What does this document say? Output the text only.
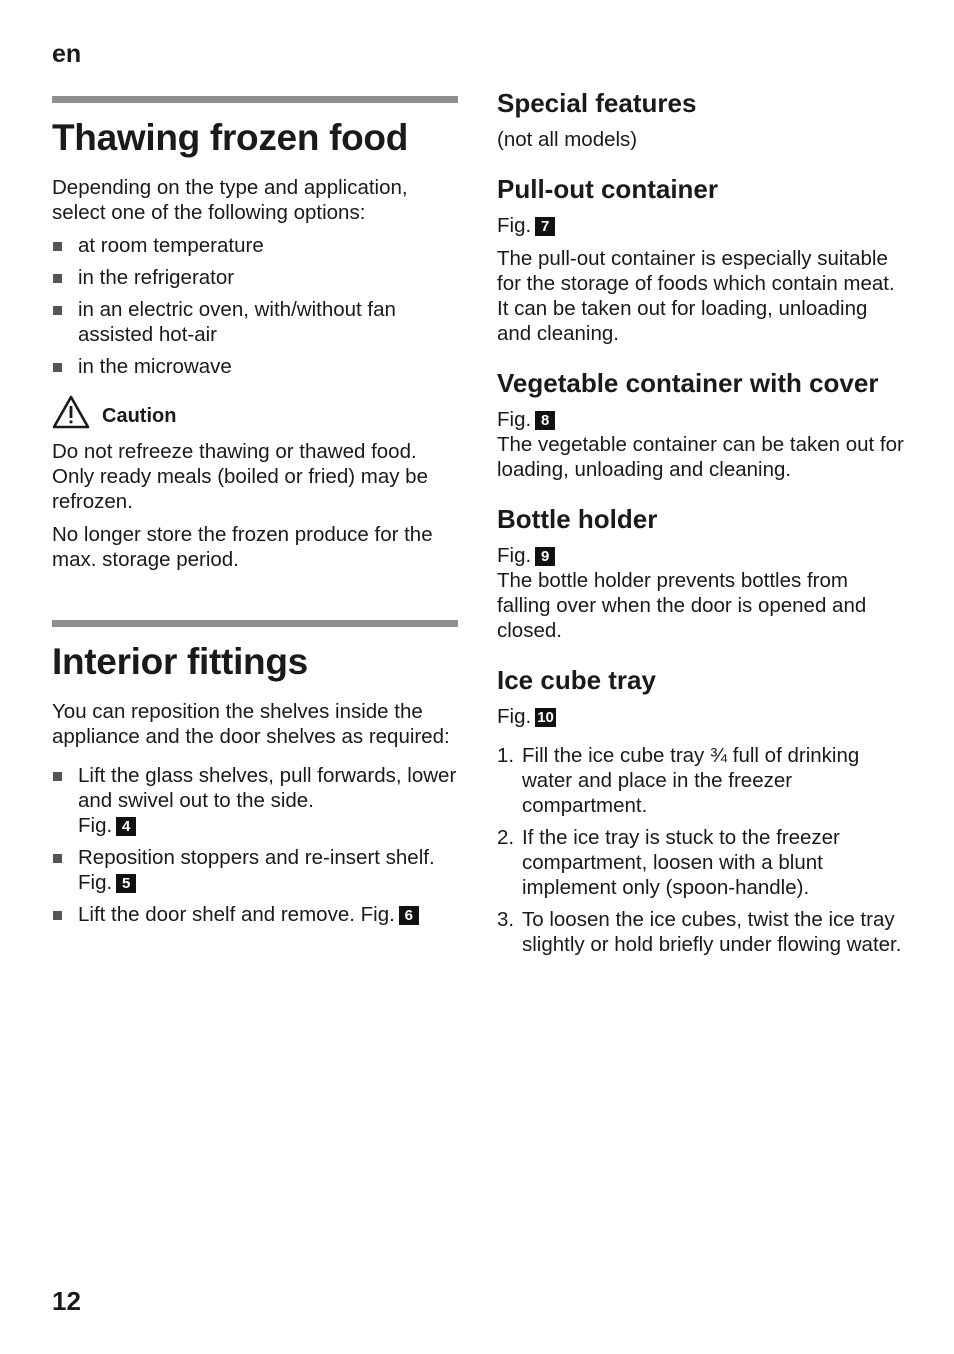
en
Thawing frozen food

Depending on the type and application, select one of the following options:

at room temperature
in the refrigerator
in an electric oven, with/without fan assisted hot-air
in the microwave
Caution

Do not refreeze thawing or thawed food. Only ready meals (boiled or fried) may be refrozen.

No longer store the frozen produce for the max. storage period.

Interior fittings

You can reposition the shelves inside the appliance and the door shelves as required:

Lift the glass shelves, pull forwards, lower and swivel out to the side.
Fig. 4
Reposition stoppers and re-insert shelf. Fig. 5
Lift the door shelf and remove. Fig. 6
Special features

(not all models)

Pull-out container
Fig. 7

The pull-out container is especially suitable for the storage of foods which contain meat. It can be taken out for loading, unloading and cleaning.

Vegetable container with cover
Fig. 8

The vegetable container can be taken out for loading, unloading and cleaning.

Bottle holder
Fig. 9

The bottle holder prevents bottles from falling over when the door is opened and closed.

Ice cube tray
Fig. 10
1. Fill the ice cube tray ¾ full of drinking water and place in the freezer compartment.
2. If the ice tray is stuck to the freezer compartment, loosen with a blunt implement only (spoon-handle).
3. To loosen the ice cubes, twist the ice tray slightly or hold briefly under flowing water.
12
